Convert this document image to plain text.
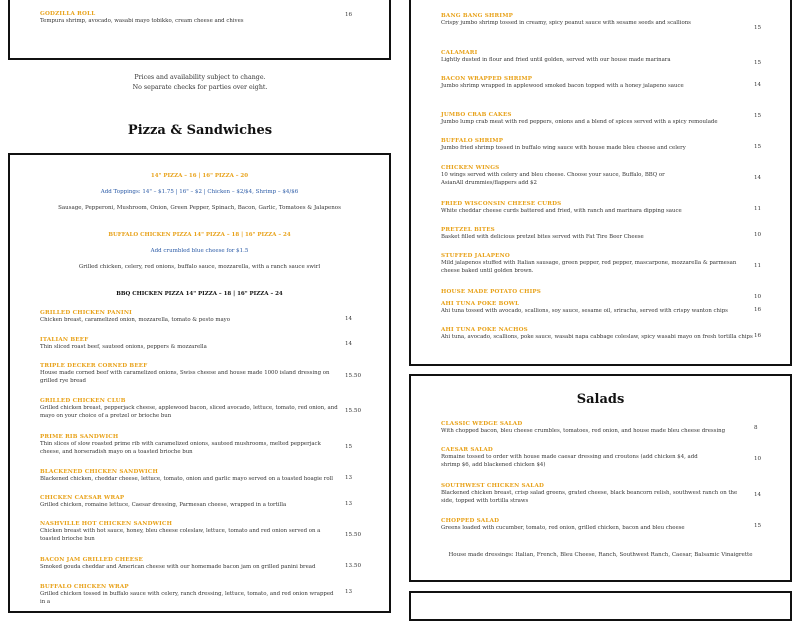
GODZILLA ROLL
Tempura shrimp, avocado, wasabi mayo tobikko, cream cheese and chives
16
Prices and availability subject to change.
No separate checks for parties over eight.
Pizza & Sandwiches
14" PIZZA – 16 | 16" PIZZA – 20
Add Toppings: 14" – $1.75 | 16" – $2 | Chicken – $2/$4, Shrimp – $4/$6
Sausage, Pepperoni, Mushroom, Onion, Green Pepper, Spinach, Bacon, Garlic, Tomatoes & Jalapenos
BUFFALO CHICKEN PIZZA 14" PIZZA – 18 | 16" PIZZA – 24
Add crumbled blue cheese for $1.5
Grilled chicken, celery, red onions, buffalo sauce, mozzarella, with a ranch sauce swirl
BBQ CHICKEN PIZZA 14" PIZZA – 18 | 16" PIZZA – 24
GRILLED CHICKEN PANINI
Chicken breast, caramelized onion, mozzarella, tomato & pesto mayo	14
ITALIAN BEEF
Thin sliced roast beef, sauteed onions, peppers & mozzarella	14
TRIPLE DECKER CORNED BEEF
House made corned beef with caramelized onions, Swiss cheese and house made 1000 island dressing on grilled rye bread
15.50
GRILLED CHICKEN CLUB
Grilled chicken breast, pepperjack cheese, applewood bacon, sliced avocado, lettuce, tomato, red onion, and mayo on your choice of a pretzel or brioche bun
15.50
PRIME RIB SANDWICH
Thin slices of slow roasted prime rib with caramelized onions, sauteed mushrooms, melted pepperjack cheese, and horseradish mayo on a toasted brioche bun
15
BLACKENED CHICKEN SANDWICH
Blackened chicken, cheddar cheese, lettuce, tomato, onion and garlic mayo served on a toasted hoagie roll	13
CHICKEN CAESAR WRAP
Grilled chicken, romaine lettuce, Caesar dressing, Parmesan cheese, wrapped in a tortilla	13
NASHVILLE HOT CHICKEN SANDWICH
Chicken breast with hot sauce, honey, bleu cheese coleslaw, lettuce, tomato and red onion served on a toasted brioche bun
15.50
BACON JAM GRILLED CHEESE
Smoked gouda cheddar and American cheese with our homemade bacon jam on grilled panini bread	13.50
BUFFALO CHICKEN WRAP
Grilled chicken tossed in buffalo sauce with celery, ranch dressing, lettuce, tomato, and red onion wrapped in a
13
BANG BANG SHRIMP
Crispy jumbo shrimp tossed in creamy, spicy peanut sauce with sesame seeds and scallions
15
CALAMARI
Lightly dusted in flour and fried until golden, served with our house made marinara	15
BACON WRAPPED SHRIMP
Jumbo shrimp wrapped in applewood smoked bacon topped with a honey jalapeno sauce	14
JUMBO CRAB CAKES
Jumbo lump crab meat with red peppers, onions and a blend of spices served with a spicy remoulade
15
BUFFALO SHRIMP
Jumbo fried shrimp tossed in buffalo wing sauce with house made bleu cheese and celery	15
CHICKEN WINGS
10 wings served with celery and bleu cheese. Choose your sauce, Buffalo, BBQ or AsianAll drummies/flappers add $2
14
FRIED WISCONSIN CHEESE CURDS
White cheddar cheese curds battered and fried, with ranch and marinara dipping sauce	11
PRETZEL BITES
Basket filled with delicious pretzel bites served with Fat Tire Beer Cheese	10
STUFFED JALAPENO
Mild jalapenos stuffed with Italian sausage, green pepper, red pepper, mascarpone, mozzarella & parmesan cheese baked until golden brown.
11
HOUSE MADE POTATO CHIPS
10
AHI TUNA POKE BOWL
Ahi tuna tossed with avocado, scallions, soy sauce, sesame oil, sriracha, served with crispy wanton chips	16
AHI TUNA POKE NACHOS
Ahi tuna, avocado, scallions, poke sauce, wasabi napa cabbage coleslaw, spicy wasabi mayo on fresh tortilla chips 16
Salads
CLASSIC WEDGE SALAD
With chopped bacon, bleu cheese crumbles, tomatoes, red onion, and house made bleu cheese dressing	8
CAESAR SALAD
Romaine tossed to order with house made caesar dressing and croutons (add chicken $4, add shrimp $6, add blackened chicken $4)
10
SOUTHWEST CHICKEN SALAD
Blackened chicken breast, crisp salad greens, grated cheese, black beancorn relish, southwest ranch on the side, topped with tortilla straws
14
CHOPPED SALAD
Greens loaded with cucumber, tomato, red onion, grilled chicken, bacon and bleu cheese	15
House made dressings: Italian, French, Bleu Cheese, Ranch, Southwest Ranch, Caesar, Balsamic Vinaigrette
